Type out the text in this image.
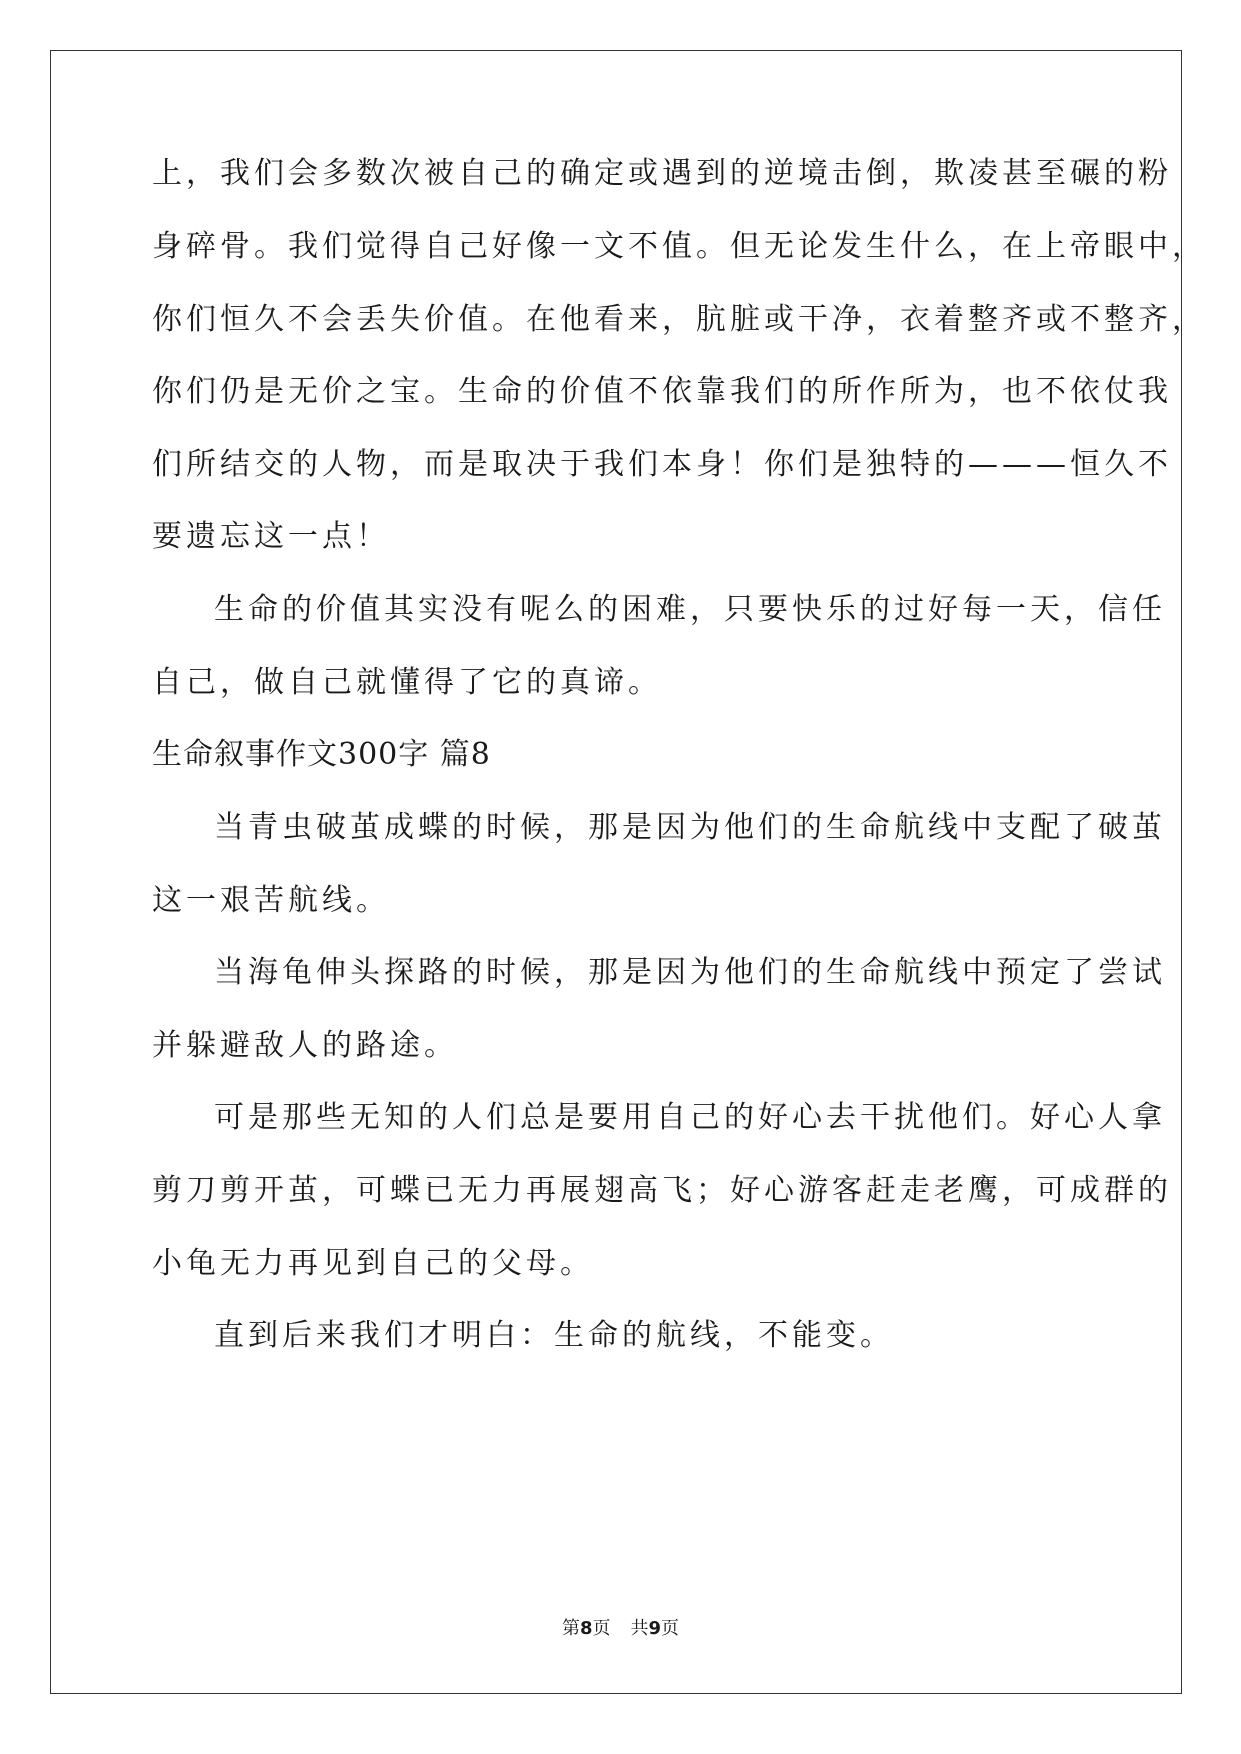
上，我们会多数次被自己的确定或遇到的逆境击倒，欺凌甚至碾的粉
身碎骨。我们觉得自己好像一文不值。但无论发生什么，在上帝眼中，
你们恒久不会丢失价值。在他看来，肮脏或干净，衣着整齐或不整齐，
你们仍是无价之宝。生命的价值不依靠我们的所作所为，也不依仗我
们所结交的人物，而是取决于我们本身！你们是独特的———恒久不
要遗忘这一点！
生命的价值其实没有呢么的困难，只要快乐的过好每一天，信任
自己，做自己就懂得了它的真谛。
生命叙事作文300字 篇8
当青虫破茧成蝶的时候，那是因为他们的生命航线中支配了破茧
这一艰苦航线。
当海龟伸头探路的时候，那是因为他们的生命航线中预定了尝试
并躲避敌人的路途。
可是那些无知的人们总是要用自己的好心去干扰他们。好心人拿
剪刀剪开茧，可蝶已无力再展翅高飞；好心游客赶走老鹰，可成群的
小龟无力再见到自己的父母。
直到后来我们才明白：生命的航线，不能变。
第8页 共9页
